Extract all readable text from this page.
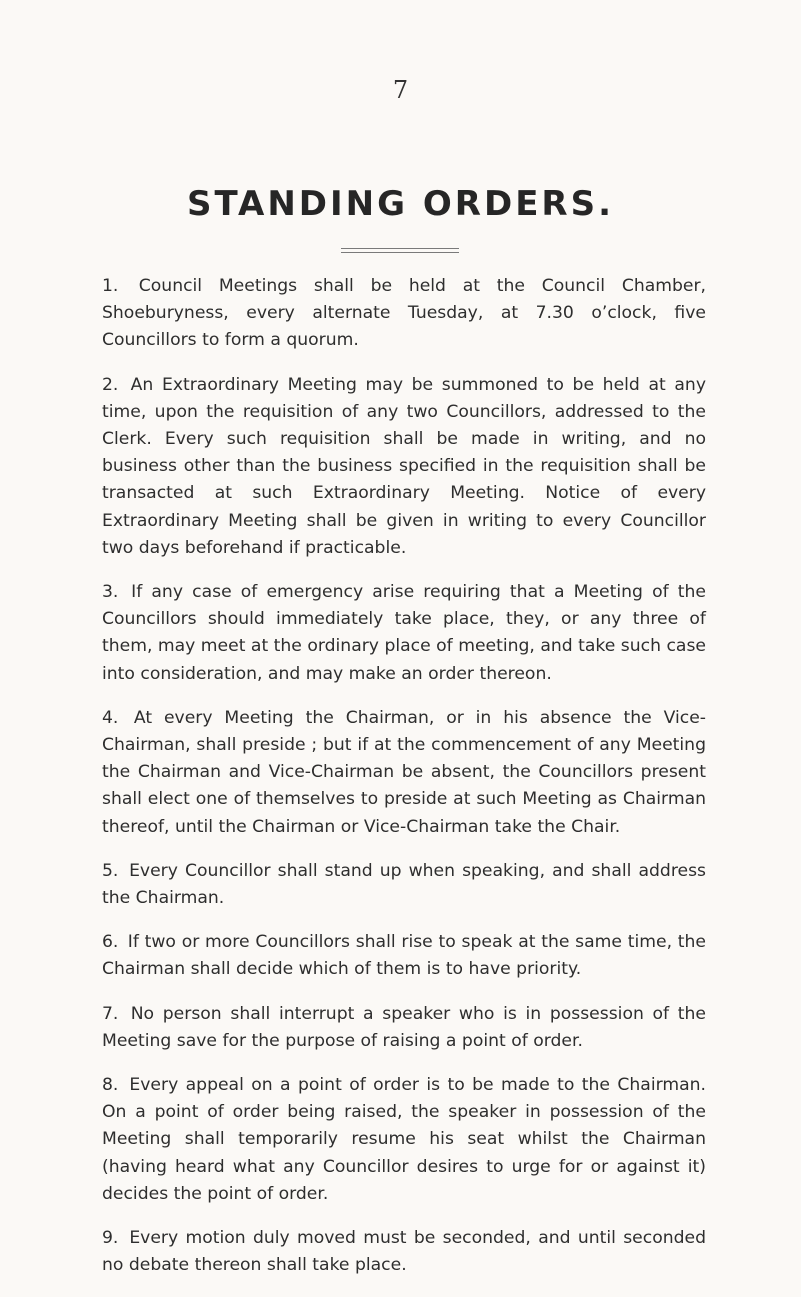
7
STANDING ORDERS.

1. Council Meetings shall be held at the Council Chamber, Shoeburyness, every alternate Tuesday, at 7.30 o’clock, five Councillors to form a quorum.

2. An Extraordinary Meeting may be summoned to be held at any time, upon the requisition of any two Councillors, addressed to the Clerk. Every such requisition shall be made in writing, and no business other than the business specified in the requisition shall be transacted at such Extraordinary Meeting. Notice of every Extraordinary Meeting shall be given in writing to every Councillor two days beforehand if practicable.

3. If any case of emergency arise requiring that a Meeting of the Councillors should immediately take place, they, or any three of them, may meet at the ordinary place of meeting, and take such case into consideration, and may make an order thereon.

4. At every Meeting the Chairman, or in his absence the Vice-Chairman, shall preside ; but if at the commencement of any Meeting the Chairman and Vice-Chairman be absent, the Councillors present shall elect one of themselves to preside at such Meeting as Chairman thereof, until the Chairman or Vice-Chairman take the Chair.

5. Every Councillor shall stand up when speaking, and shall address the Chairman.

6. If two or more Councillors shall rise to speak at the same time, the Chairman shall decide which of them is to have priority.

7. No person shall interrupt a speaker who is in possession of the Meeting save for the purpose of raising a point of order.

8. Every appeal on a point of order is to be made to the Chairman. On a point of order being raised, the speaker in possession of the Meeting shall temporarily resume his seat whilst the Chairman (having heard what any Councillor desires to urge for or against it) decides the point of order.

9. Every motion duly moved must be seconded, and until seconded no debate thereon shall take place.
